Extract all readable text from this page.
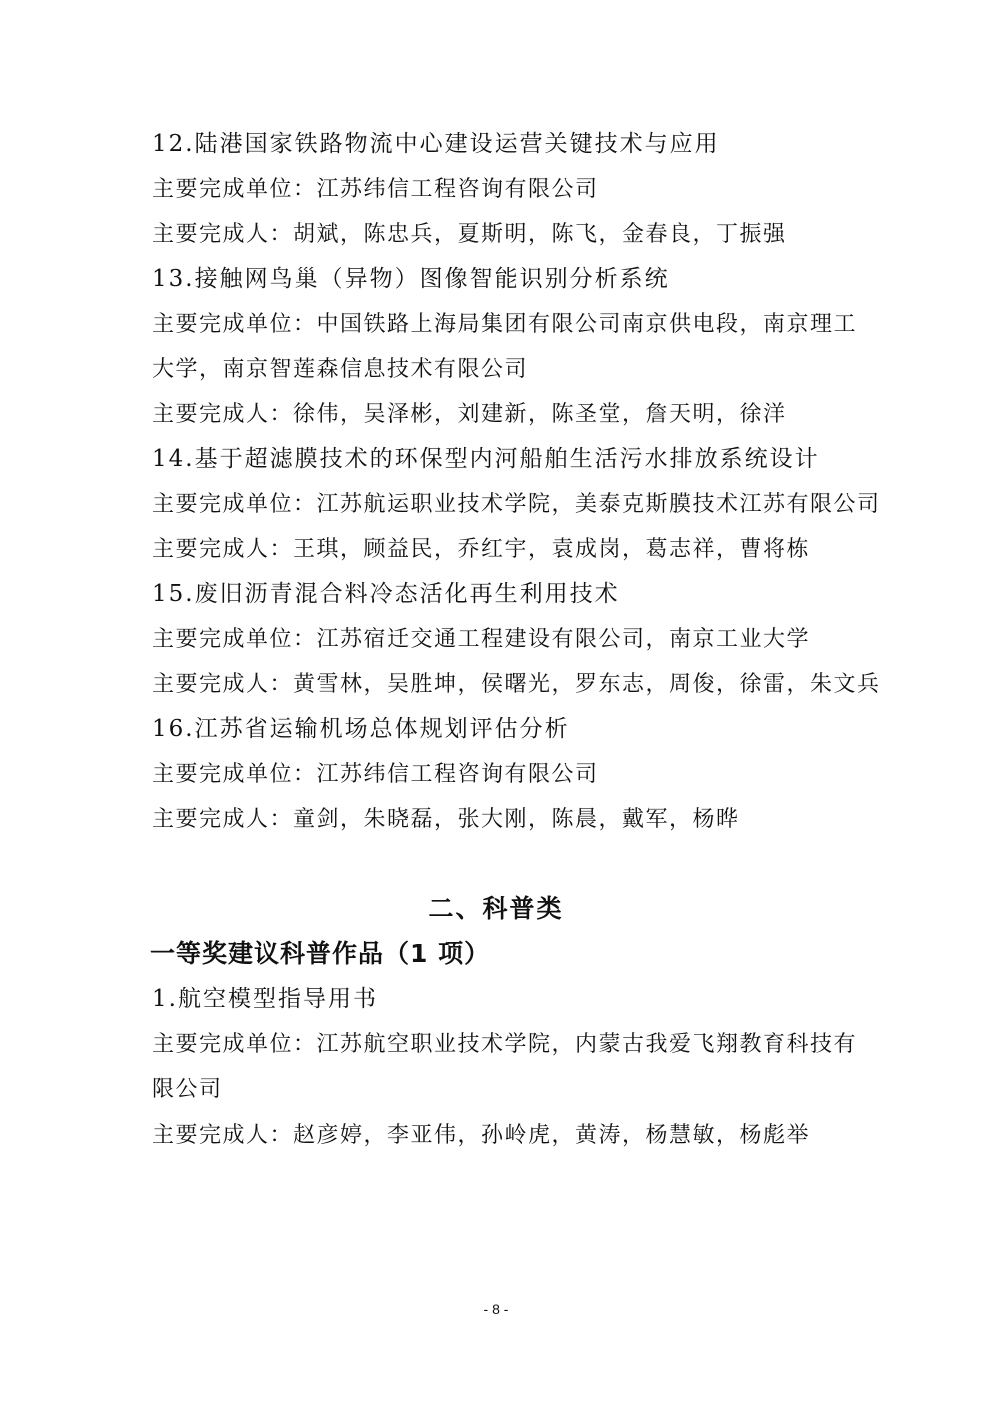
12.陆港国家铁路物流中心建设运营关键技术与应用
主要完成单位：江苏纬信工程咨询有限公司
主要完成人：胡斌，陈忠兵，夏斯明，陈飞，金春良，丁振强
13.接触网鸟巢（异物）图像智能识别分析系统
主要完成单位：中国铁路上海局集团有限公司南京供电段，南京理工
大学，南京智莲森信息技术有限公司
主要完成人：徐伟，吴泽彬，刘建新，陈圣堂，詹天明，徐洋
14.基于超滤膜技术的环保型内河船舶生活污水排放系统设计
主要完成单位：江苏航运职业技术学院，美泰克斯膜技术江苏有限公司
主要完成人：王琪，顾益民，乔红宇，袁成岗，葛志祥，曹将栋
15.废旧沥青混合料冷态活化再生利用技术
主要完成单位：江苏宿迁交通工程建设有限公司，南京工业大学
主要完成人：黄雪林，吴胜坤，侯曙光，罗东志，周俊，徐雷，朱文兵
16.江苏省运输机场总体规划评估分析
主要完成单位：江苏纬信工程咨询有限公司
主要完成人：童剑，朱晓磊，张大刚，陈晨，戴军，杨晔
二、科普类
一等奖建议科普作品（1 项）
1.航空模型指导用书
主要完成单位：江苏航空职业技术学院，内蒙古我爱飞翔教育科技有
限公司
主要完成人：赵彦婷，李亚伟，孙岭虎，黄涛，杨慧敏，杨彪举
- 8 -
